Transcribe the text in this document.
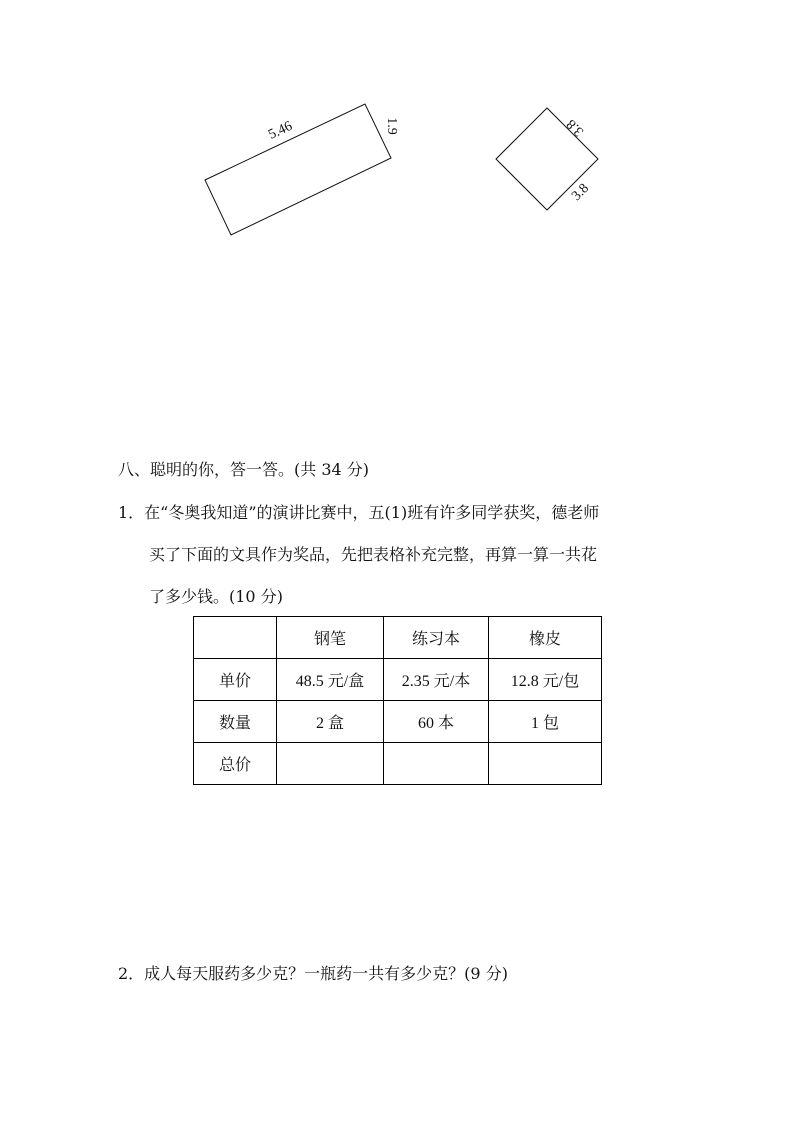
5.46	1.9	3.8
3.8
八、聪明的你，答一答。(共 34 分)
1．在“冬奥我知道”的演讲比赛中，五(1)班有许多同学获奖，德老师
买了下面的文具作为奖品，先把表格补充完整，再算一算一共花
了多少钱。(10 分)
	钢笔	练习本	橡皮
单价	48.5 元/盒	2.35 元/本	12.8 元/包
数量	2 盒	60 本	1 包
总价			
2．成人每天服药多少克？一瓶药一共有多少克？(9 分)
